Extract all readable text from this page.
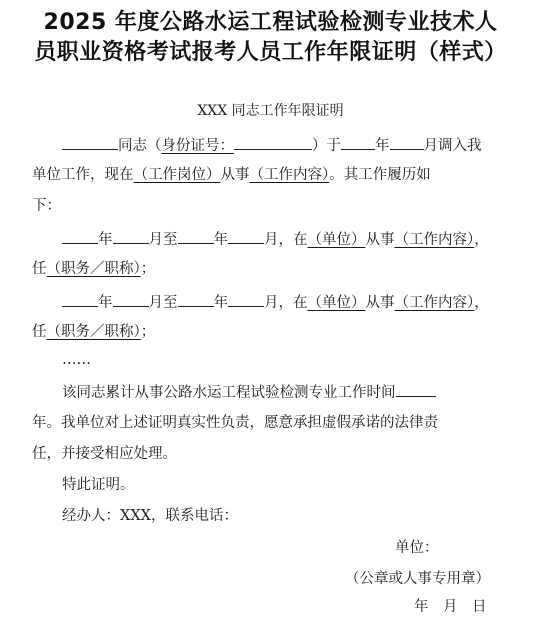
2025 年度公路水运工程试验检测专业技术人
员职业资格考试报考人员工作年限证明（样式）
XXX 同志工作年限证明
同志（身份证号：	）于 年 月调入我
单位工作，现在（工作岗位）从事（工作内容）。其工作履历如
下：
年 月至 年 月，在（单位）从事（工作内容），
任（职务／职称）；
年 月至 年 月，在（单位）从事（工作内容），
任（职务／职称）；
……
该同志累计从事公路水运工程试验检测专业工作时间
年。我单位对上述证明真实性负责，愿意承担虚假承诺的法律责
任，并接受相应处理。
特此证明。
经办人：XXX，联系电话：
单位：
（公章或人事专用章）
年　月　日
